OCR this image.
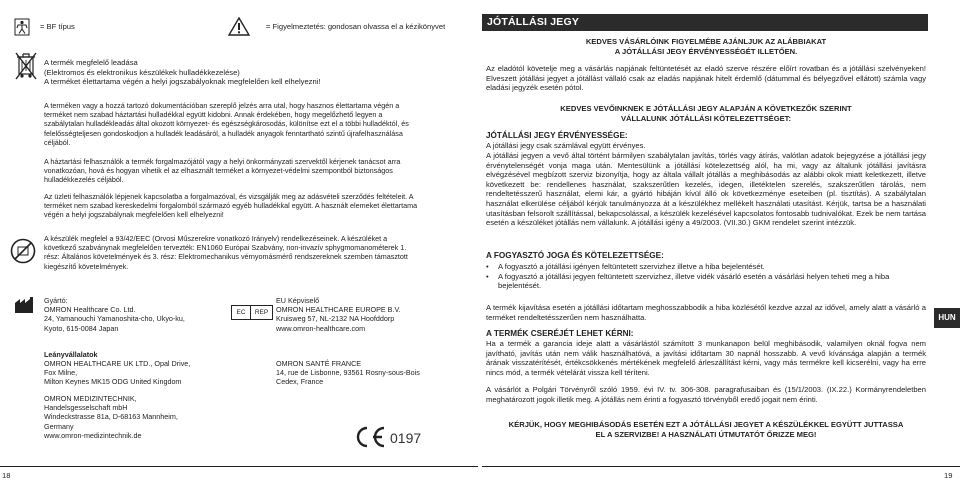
= BF típus	= Figyelmeztetés: gondosan olvassa el a kézikönyvet
A termék megfelelő leadása
(Elektromos és elektronikus készülékek hulladékkezelése)
A terméket élettartama végén a helyi jogszabályoknak megfelelően kell elhelyezni!
A terméken vagy a hozzá tartozó dokumentációban szereplő jelzés arra utal, hogy hasznos élettartama végén a terméket nem szabad háztartási hulladékkal együtt kidobni. Annak érdekében, hogy megelőzhető legyen a szabálytalan hulladékleadás által okozott környezet- és egészségkárosodás, különítse ezt el a többi hulladéktól, és felelősségteljesen gondoskodjon a hulladék leadásáról, a hulladék anyagok fenntartható szintű újrafelhasználása céljából.
A háztartási felhasználók a termék forgalmazójától vagy a helyi önkormányzati szervektől kérjenek tanácsot arra vonatkozóan, hová és hogyan vihetik el az elhasznált terméket a környezet-védelmi szempontból biztonságos hulladékkezelés céljából.
Az üzleti felhasználók lépjenek kapcsolatba a forgalmazóval, és vizsgálják meg az adásvételi szerződés feltételeit. A terméket nem szabad kereskedelmi forgalomból származó egyéb hulladékkal együtt. A használt elemeket élettartama végén a helyi jogszabálynak megfelelően kell elhelyezni!
A készülék megfelel a 93/42/EEC (Orvosi Műszerekre vonatkozó Irányelv) rendelkezéseinek. A készüléket a következő szabványnak megfelelően tervezték: EN1060 Európai Szabvány, non-invazív sphygmomanométerek 1. rész: Általános követelmények és 3. rész: Elektromechanikus vérnyomásmérő rendszereknek szemben támasztott kiegészítő követelmények.
Gyártó:
OMRON Healthcare Co. Ltd.
24, Yamanouchi Yamanoshita-cho, Ukyo-ku,
Kyoto, 615-0084 Japan
EC	REP
EU Képviselő
OMRON HEALTHCARE EUROPE B.V.
Kruisweg 57, NL-2132 NA Hoofddorp
www.omron-healthcare.com
Leányvállalatok
OMRON HEALTHCARE UK LTD., Opal Drive,
Fox Milne,
Milton Keynes MK15 ODG United Kingdom
OMRON SANTÉ FRANCE
14, rue de Lisbonne, 93561 Rosny-sous-Bois
Cedex, France
OMRON MEDIZINTECHNIK,
Handelsgesselschaft mbH
Windeckstrasse 81a, D-68163 Mannheim,
Germany
www.omron-medizintechnik.de	0197
18
JÓTÁLLÁSI JEGY
KEDVES VÁSÁRLÓINK FIGYELMÉBE AJÁNLJUK AZ ALÁBBIAKAT
A JÓTÁLLÁSI JEGY ÉRVÉNYESSÉGÉT ILLETŐEN.
Az eladótól követelje meg a vásárlás napjának feltüntetését az eladó szerve részére előírt rovatban és a jótállási szelvényeken! Elveszett jótállási jegyet a jótállást vállaló csak az eladás napjának hitelt érdemlő (dátummal és bélyegzővel ellátott) számla vagy eladási jegyzék esetén pótol.
KEDVES VEVŐINKNEK E JÓTÁLLÁSI JEGY ALAPJÁN A KÖVETKEZŐK SZERINT
VÁLLALUNK JÓTÁLLÁSI KÖTELEZETTSÉGET:
JÓTÁLLÁSI JEGY ÉRVÉNYESSÉGE:
A jótállási jegy csak számlával együtt érvényes.
A jótállási jegyen a vevő által történt bármilyen szabálytalan javítás, törlés vagy átírás, valótlan adatok bejegyzése a jótállási jegy érvénytelenségét vonja maga után. Mentesülünk a jótállási kötelezettség alól, ha mi, vagy az általunk jótállási javításra elvégzésével megbízott szerviz bizonyítja, hogy az általa vállalt jótállás a meghibásodás az alábbi okok miatt keletkezett, illetve következett be: rendellenes használat, szakszerűtlen kezelés, idegen, illetéktelen szerelés, szakszerűtlen tárolás, nem rendeltetésszerű használat, elemi kár, a gyártó hibáján kívül álló ok következménye eseteiben (pl. tisztítás). A szabálytalan használat elkerülése céljából kérjük tanulmányozza át a készülékhez mellékelt használati utasítást. Kérjük, tartsa be a használati utasításban felsorolt szállítással, bekapcsolással, a készülék kezelésével kapcsolatos fontosabb tudnivalókat. Ezek be nem tartása esetén a készüléket jótállás nem vállalunk. A jótállási igény a 49/2003. (VII.30.) GKM rendelet szerint intézzük.
A FOGYASZTÓ JOGA ÉS KÖTELEZETTSÉGE:
•	A fogyasztó a jótállási igényen feltüntetett szervizhez illetve a hiba bejelentését.
•	A fogyasztó a jótállási jegyen feltüntetett szervizhez, illetve vidék vásárló esetén a vásárlási helyen teheti meg a hiba bejelentését.
A termék kijavítása esetén a jótállási időtartam meghosszabbodik a hiba közlésétől kezdve azzal az idővel, amely alatt a vásárló a terméket rendeltetésszerűen nem használhatta.
A TERMÉK CSERÉJÉT LEHET KÉRNI:
Ha a termék a garancia ideje alatt a vásárlástól számított 3 munkanapon belül meghibásodik, valamilyen oknál fogva nem javítható, javítás után nem válik használhatóvá, a javítási időtartam 30 napnál hosszabb. A vevő kívánsága alapján a termék árának visszatérítését, értékcsökkenés mértékének megfelelő árleszállítást kérni, vagy más termékre kell kicserélni, vagy ha erre nincs mód, a termék vételárát vissza kell téríteni.
A vásárlót a Polgári Törvényről szóló 1959. évi IV. tv. 306-308. paragrafusaiban és (15/1/2003. (IX.22.) Kormányrendeletben meghatározott jogok illetik meg. A jótállás nem érinti a fogyasztó törvényből eredő jogait nem érinti.
KÉRJÜK, HOGY MEGHIBÁSODÁS ESETÉN EZT A JÓTÁLLÁSI JEGYET A KÉSZÜLÉKKEL EGYÜTT JUTTASSA
EL A SZERVIZBE! A HASZNÁLATI ÚTMUTATÓT ŐRIZZE MEG!
HUN
19
